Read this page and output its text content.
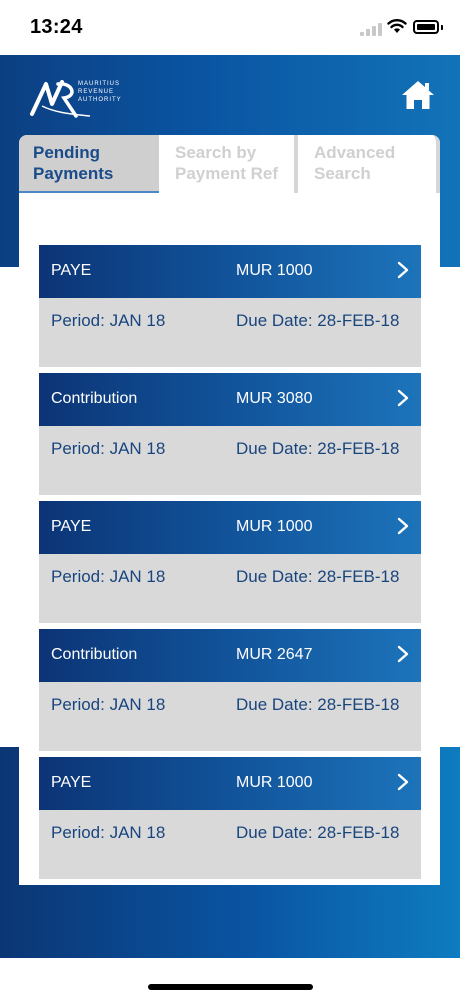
13:24
MAURITIUS REVENUE AUTHORITY
Pending Payments
Search by Payment Ref
Advanced Search
PAYE	MUR 1000
Period: JAN 18	Due Date: 28-FEB-18
Contribution	MUR 3080
Period: JAN 18	Due Date: 28-FEB-18
PAYE	MUR 1000
Period: JAN 18	Due Date: 28-FEB-18
Contribution	MUR 2647
Period: JAN 18	Due Date: 28-FEB-18
PAYE	MUR 1000
Period: JAN 18	Due Date: 28-FEB-18
